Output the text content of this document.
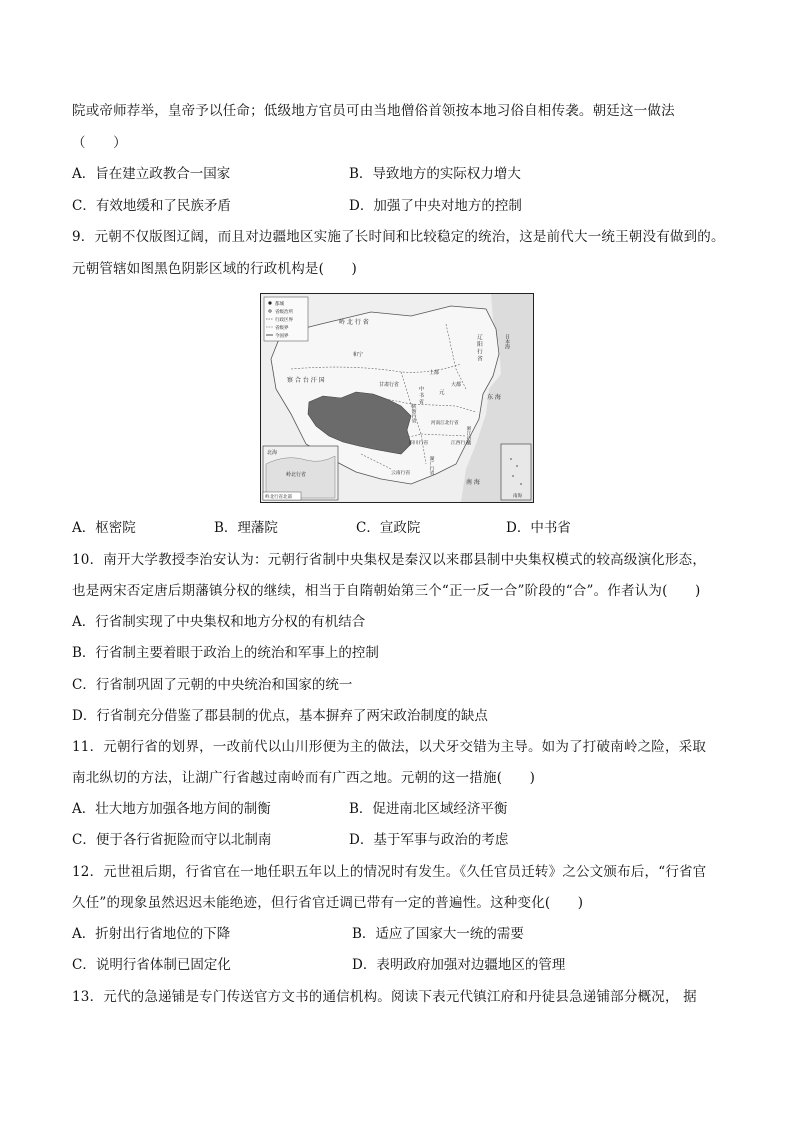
院或帝师荐举，皇帝予以任命；低级地方官员可由当地僧俗首领按本地习俗自相传袭。朝廷这一做法
（　　）
A．旨在建立政教合一国家	B．导致地方的实际权力增大
C．有效地缓和了民族矛盾	D．加强了中央对地方的控制
9．元朝不仅版图辽阔，而且对边疆地区实施了长时间和比较稳定的统治，这是前代大一统王朝没有做到的。
元朝管辖如图黑色阴影区域的行政机构是(　　)
都城
省级治所
行政区界
省级界
今国界
岭 北 行 省
辽 阳 行 省
察 合 台 汗 国
和宁
大都
上都
中 书 省
甘肃行省
陕西行省
河南江北行省
四川行省	浙江行省
江西行省
湖广行省
云南行省
东 海
南 海
日本海
元
北海
岭北行省
岭北行省北部	南海
A．枢密院	B．理藩院	C．宣政院	D．中书省
10．南开大学教授李治安认为：元朝行省制中央集权是秦汉以来郡县制中央集权模式的较高级演化形态，
也是两宋否定唐后期藩镇分权的继续，相当于自隋朝始第三个“正一反一合”阶段的“合”。作者认为(　　)
A．行省制实现了中央集权和地方分权的有机结合
B．行省制主要着眼于政治上的统治和军事上的控制
C．行省制巩固了元朝的中央统治和国家的统一
D．行省制充分借鉴了郡县制的优点，基本摒弃了两宋政治制度的缺点
11．元朝行省的划界，一改前代以山川形便为主的做法，以犬牙交错为主导。如为了打破南岭之险，采取
南北纵切的方法，让湖广行省越过南岭而有广西之地。元朝的这一措施(　　)
A．壮大地方加强各地方间的制衡	B．促进南北区域经济平衡
C．便于各行省扼险而守以北制南	D．基于军事与政治的考虑
12．元世祖后期，行省官在一地任职五年以上的情况时有发生。《久任官员迁转》之公文颁布后，“行省官
久任”的现象虽然迟迟未能绝迹，但行省官迁调已带有一定的普遍性。这种变化(　　)
A．折射出行省地位的下降	B．适应了国家大一统的需要
C．说明行省体制已固定化	D．表明政府加强对边疆地区的管理
13．元代的急递铺是专门传送官方文书的通信机构。阅读下表元代镇江府和丹徒县急递铺部分概况， 据
